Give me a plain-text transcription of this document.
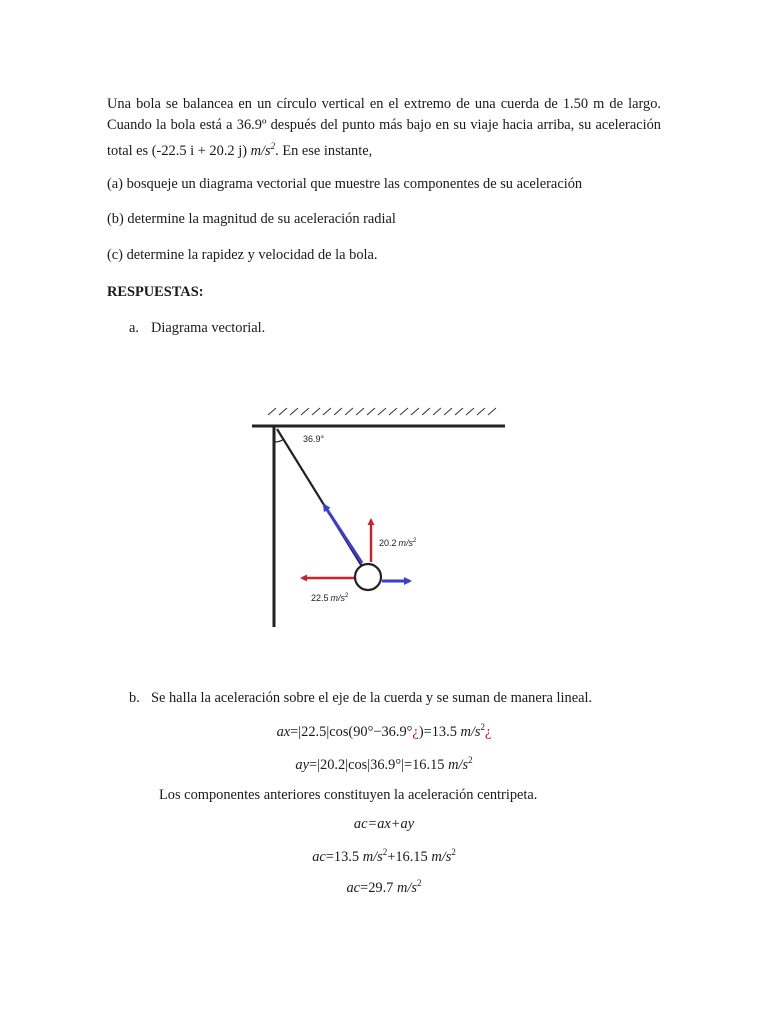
Una bola se balancea en un círculo vertical en el extremo de una cuerda de 1.50 m de largo. Cuando la bola está a 36.9º después del punto más bajo en su viaje hacia arriba, su aceleración total es (-22.5 i + 20.2 j) $m/s^2$. En ese instante,
(a) bosqueje un diagrama vectorial que muestre las componentes de su aceleración
(b) determine la magnitud de su aceleración radial
(c) determine la rapidez y velocidad de la bola.
RESPUESTAS:
a. Diagrama vectorial.
36.9°
20.2 $m/s^2$
22.5 $m/s^2$
b. Se halla la aceleración sobre el eje de la cuerda y se suman de manera lineal.
ax=|22.5|cos(90°−36.9°¿)=13.5 $m/s^2¿$
ay=|20.2|cos|36.9°|=16.15 $m/s^2$
Los componentes anteriores constituyen la aceleración centripeta.
ac=ax+ay
ac=13.5 $m/s^2+16.15$ $m/s^2$
ac=29.7 $m/s^2$
